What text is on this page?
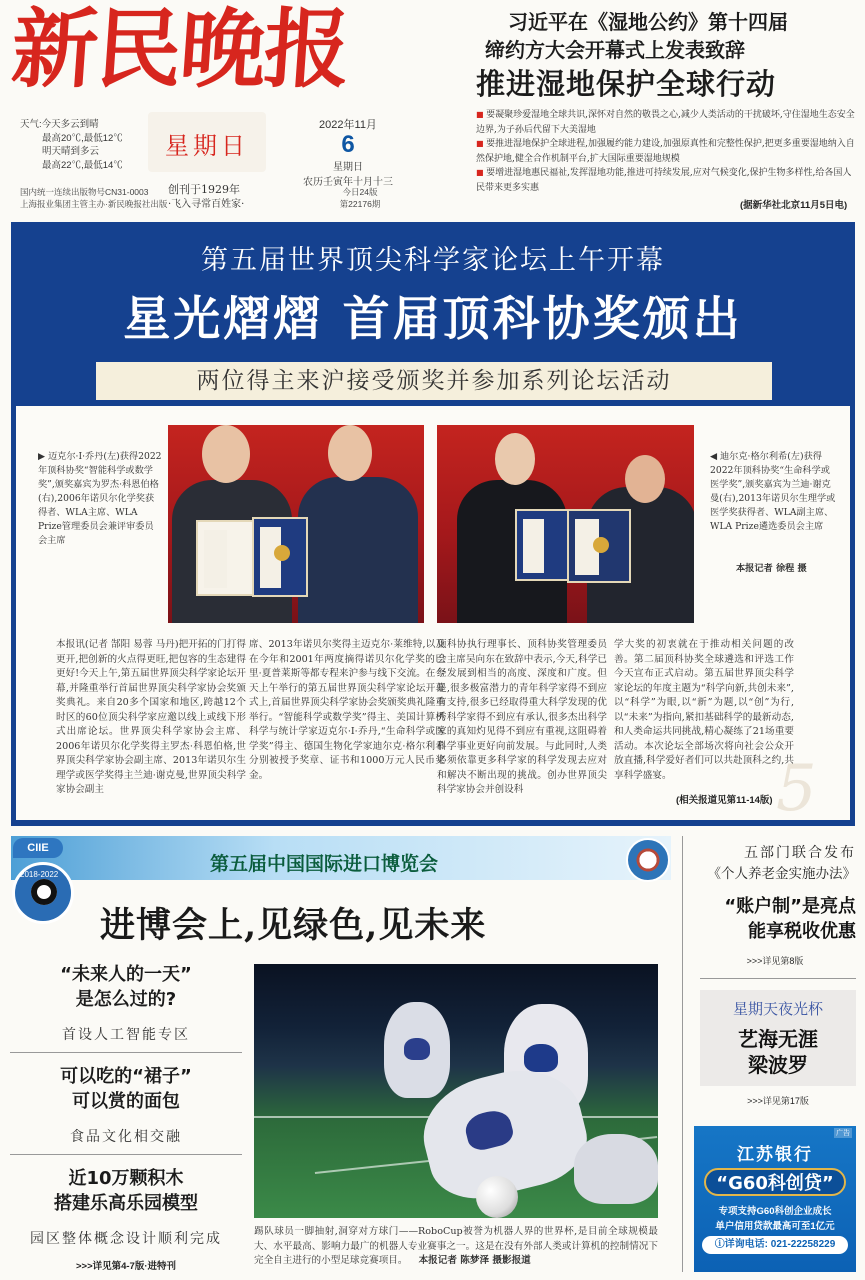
新民晚报
天气:今天多云到晴
最高20℃,最低12℃
明天晴到多云
最高22℃,最低14℃
星期日
创刊于1929年
·飞入寻常百姓家·
2022年11月
6
星期日
农历壬寅年十月十三
国内统一连续出版物号CN31-0003
上海报业集团主管主办·新民晚报社出版
今日24版
第22176期
习近平在《湿地公约》第十四届
缔约方大会开幕式上发表致辞
推进湿地保护全球行动

■ 要凝聚珍爱湿地全球共识,深怀对自然的敬畏之心,减少人类活动的干扰破坏,守住湿地生态安全边界,为子孙后代留下大美湿地

■ 要推进湿地保护全球进程,加强履约能力建设,加强原真性和完整性保护,把更多重要湿地纳入自然保护地,健全合作机制平台,扩大国际重要湿地规模

■ 要增进湿地惠民福祉,发挥湿地功能,推进可持续发展,应对气候变化,保护生物多样性,给各国人民带来更多实惠

(据新华社北京11月5日电)
第五届世界顶尖科学家论坛上午开幕
星光熠熠 首届顶科协奖颁出
两位得主来沪接受颁奖并参加系列论坛活动
▶ 迈克尔·I·乔丹(左)获得2022年顶科协奖“智能科学或数学奖”,颁奖嘉宾为罗杰·科恩伯格(右),2006年诺贝尔化学奖获得者、WLA主席、WLA Prize管理委员会兼评审委员会主席
◀ 迪尔克·格尔利希(左)获得2022年顶科协奖“生命科学或医学奖”,颁奖嘉宾为兰迪·谢克曼(右),2013年诺贝尔生理学或医学奖获得者、WLA副主席、WLA Prize遴选委员会主席
本报记者 徐程 摄
本报讯(记者 郜阳 易蓉 马丹)把开拓的门打得更开,把创新的火点得更旺,把包容的生态建得更好!今天上午,第五届世界顶尖科学家论坛开幕,并隆重举行首届世界顶尖科学家协会奖颁奖典礼。来自20多个国家和地区,跨越12个时区的60位顶尖科学家应邀以线上或线下形式出席论坛。世界顶尖科学家协会主席、2006年诺贝尔化学奖得主罗杰·科恩伯格,世界顶尖科学家协会副主席、2013年诺贝尔生理学或医学奖得主兰迪·谢克曼,世界顶尖科学家协会副主
席、2013年诺贝尔奖得主迈克尔·莱维特,以及在今年和2001年两度摘得诺贝尔化学奖的巴里·夏普莱斯等都专程来沪参与线下交流。在今天上午举行的第五届世界顶尖科学家论坛开幕式上,首届世界顶尖科学家协会奖颁奖典礼隆重举行。“智能科学或数学奖”得主、美国计算机科学与统计学家迈克尔·I·乔丹,“生命科学或医学奖”得主、德国生物化学家迪尔克·格尔利希分别被授予奖章、证书和1000万元人民币奖金。
顶科协执行理事长、顶科协奖管理委员会主席吴向东在致辞中表示,今天,科学已经发展到相当的高度、深度和广度。但是,很多极富潜力的青年科学家得不到应有支持,很多已经取得重大科学发现的优秀科学家得不到应有承认,很多杰出科学家的真知灼见得不到应有重视,这阻碍着科学事业更好向前发展。与此同时,人类必须依靠更多科学家的科学发现去应对和解决不断出现的挑战。创办世界顶尖科学家协会并创设科
学大奖的初衷就在于推动相关问题的改善。第二届顶科协奖全球遴选和评选工作今天宣布正式启动。第五届世界顶尖科学家论坛的年度主题为“科学向新,共创未来”,以“科学”为眼,以“新”为题,以“创”为行,以“未来”为指向,紧扣基础科学的最新动态,和人类命运共同挑战,精心凝练了21场重要活动。本次论坛全部场次将向社会公众开放直播,科学爱好者们可以共赴顶科之约,共享科学盛宴。	5
(相关报道见第11-14版)
CIIE
2018-2022	第五届中国国际进口博览会
进博会上,见绿色,见未来
“未来人的一天”
是怎么过的?
首设人工智能专区
可以吃的“裙子”
可以赏的面包
食品文化相交融
近10万颗积木
搭建乐高乐园模型
园区整体概念设计顺利完成
>>>详见第4-7版·进特刊
踢队球员一脚抽射,洞穿对方球门——RoboCup被誉为机器人界的世界杯,是目前全球规模最大、水平最高、影响力最广的机器人专业赛事之一。这是在没有外部人类或计算机的控制情况下完全自主进行的小型足球竞赛项目。 本报记者 陈梦泽 摄影报道
五部门联合发布
《个人养老金实施办法》
“账户制”是亮点
能享税收优惠
>>>详见第8版
星期天夜光杯
艺海无涯
梁波罗
>>>详见第17版
广告
江苏银行
“G60科创贷”
专项支持G60科创企业成长
单户信用贷款最高可至1亿元
ⓘ详询电话: 021-22258229
